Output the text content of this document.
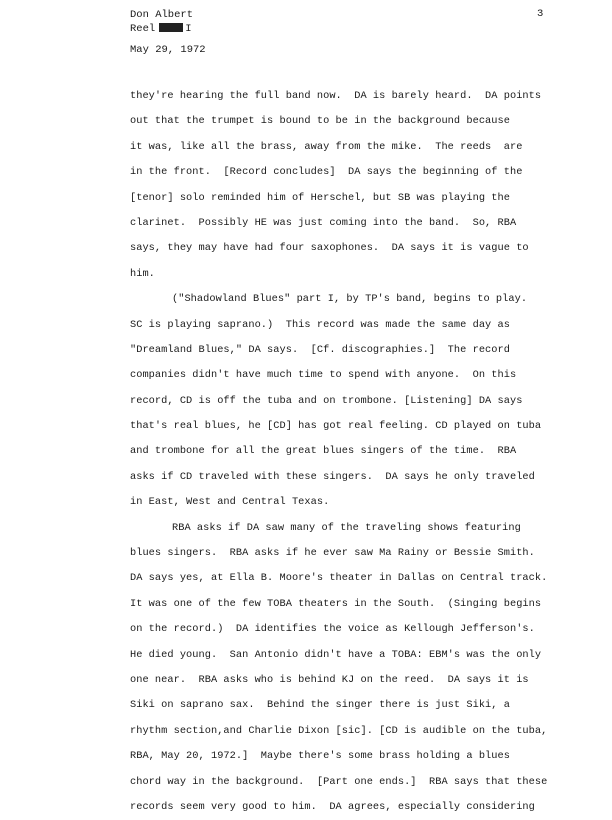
Don Albert
Reel	I
May 29, 1972
3
they're hearing the full band now.  DA is barely heard.  DA points
out that the trumpet is bound to be in the background because
it was, like all the brass, away from the mike.  The reeds  are
in the front.  [Record concludes]  DA says the beginning of the
[tenor] solo reminded him of Herschel, but SB was playing the
clarinet.  Possibly HE was just coming into the band.  So, RBA
says, they may have had four saxophones.  DA says it is vague to
him.
("Shadowland Blues" part I, by TP's band, begins to play.
SC is playing saprano.)  This record was made the same day as
"Dreamland Blues," DA says.  [Cf. discographies.]  The record
companies didn't have much time to spend with anyone.  On this
record, CD is off the tuba and on trombone. [Listening] DA says
that's real blues, he [CD] has got real feeling. CD played on tuba
and trombone for all the great blues singers of the time.  RBA
asks if CD traveled with these singers.  DA says he only traveled
in East, West and Central Texas.
RBA asks if DA saw many of the traveling shows featuring
blues singers.  RBA asks if he ever saw Ma Rainy or Bessie Smith.
DA says yes, at Ella B. Moore's theater in Dallas on Central track.
It was one of the few TOBA theaters in the South.  (Singing begins
on the record.)  DA identifies the voice as Kellough Jefferson's.
He died young.  San Antonio didn't have a TOBA: EBM's was the only
one near.  RBA asks who is behind KJ on the reed.  DA says it is
Siki on saprano sax.  Behind the singer there is just Siki, a
rhythm section,and Charlie Dixon [sic]. [CD is audible on the tuba,
RBA, May 20, 1972.]  Maybe there's some brass holding a blues
chord way in the background.  [Part one ends.]  RBA says that these
records seem very good to him.  DA agrees, especially considering
